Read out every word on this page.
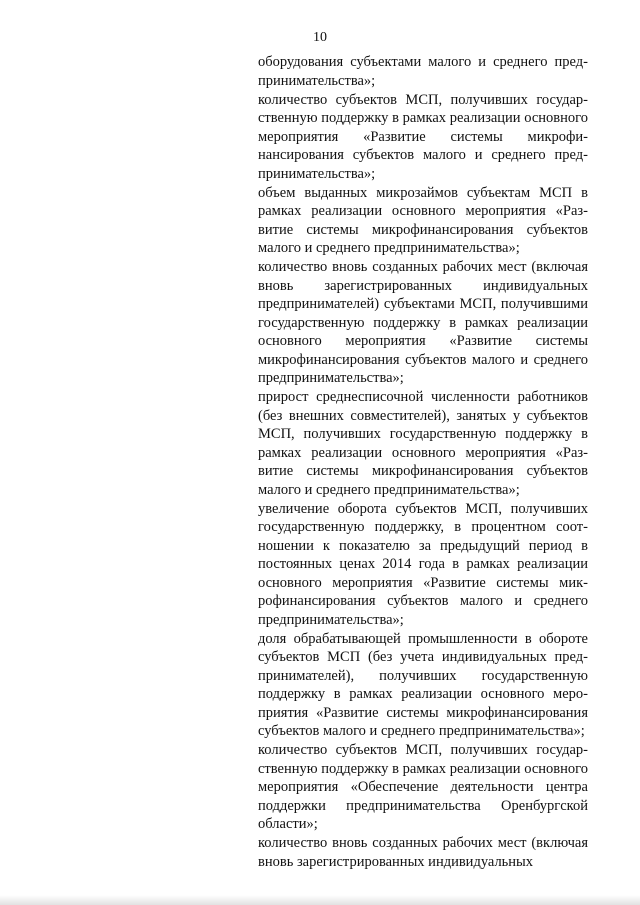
10

оборудования субъектами малого и среднего предпринимательства»;

количество субъектов МСП, получивших государственную поддержку в рамках реализации основного мероприятия «Развитие системы микрофинансирования субъектов малого и среднего предпринимательства»;

объем выданных микрозаймов субъектам МСП в рамках реализации основного мероприятия «Развитие системы микрофинансирования субъектов малого и среднего предпринимательства»;

количество вновь созданных рабочих мест (включая вновь зарегистрированных индивидуальных предпринимателей) субъектами МСП, получившими государственную поддержку в рамках реализации основного мероприятия «Развитие системы микрофинансирования субъектов малого и среднего предпринимательства»;

прирост среднесписочной численности работников (без внешних совместителей), занятых у субъектов МСП, получивших государственную поддержку в рамках реализации основного мероприятия «Развитие системы микрофинансирования субъектов малого и среднего предпринимательства»;

увеличение оборота субъектов МСП, получивших государственную поддержку, в процентном соотношении к показателю за предыдущий период в постоянных ценах 2014 года в рамках реализации основного мероприятия «Развитие системы микрофинансирования субъектов малого и среднего предпринимательства»;

доля обрабатывающей промышленности в обороте субъектов МСП (без учета индивидуальных предпринимателей), получивших государственную поддержку в рамках реализации основного мероприятия «Развитие системы микрофинансирования субъектов малого и среднего предпринимательства»;

количество субъектов МСП, получивших государственную поддержку в рамках реализации основного мероприятия «Обеспечение деятельности центра поддержки предпринимательства Оренбургской области»;

количество вновь созданных рабочих мест (включая вновь зарегистрированных индивидуальных
